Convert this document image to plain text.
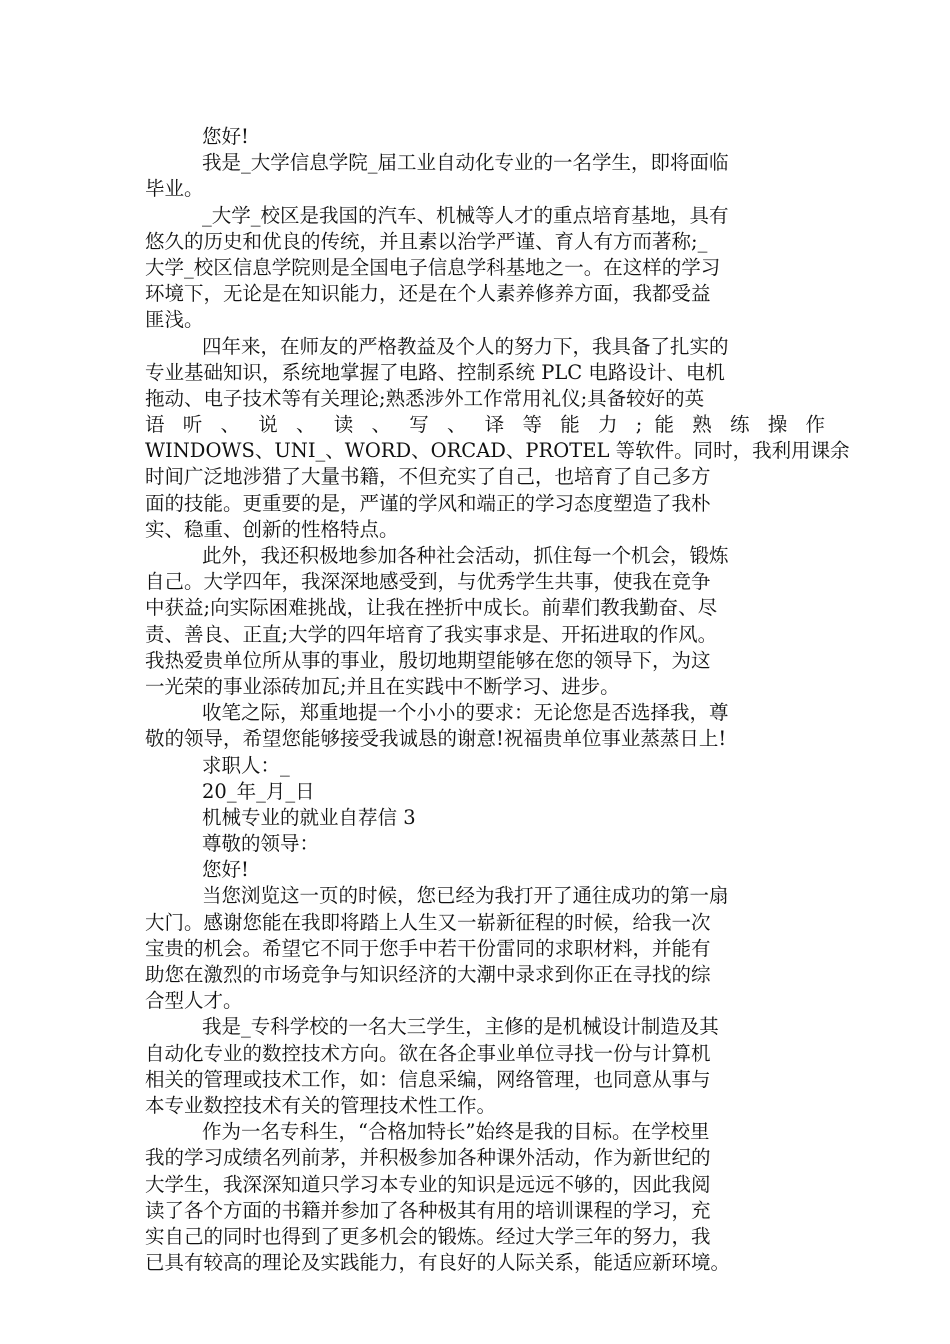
您好!
我是_大学信息学院_届工业自动化专业的一名学生，即将面临
毕业。
_大学_校区是我国的汽车、机械等人才的重点培育基地，具有
悠久的历史和优良的传统，并且素以治学严谨、育人有方而著称;_
大学_校区信息学院则是全国电子信息学科基地之一。在这样的学习
环境下，无论是在知识能力，还是在个人素养修养方面，我都受益
匪浅。
四年来，在师友的严格教益及个人的努力下，我具备了扎实的
专业基础知识，系统地掌握了电路、控制系统 PLC 电路设计、电机
拖动、电子技术等有关理论;熟悉涉外工作常用礼仪;具备较好的英
语 听 、 说 、 读 、 写 、 译 等 能 力 ; 能 熟 练 操 作
WINDOWS、UNI_、WORD、ORCAD、PROTEL 等软件。同时，我利用课余
时间广泛地涉猎了大量书籍，不但充实了自己，也培育了自己多方
面的技能。更重要的是，严谨的学风和端正的学习态度塑造了我朴
实、稳重、创新的性格特点。
此外，我还积极地参加各种社会活动，抓住每一个机会，锻炼
自己。大学四年，我深深地感受到，与优秀学生共事，使我在竞争
中获益;向实际困难挑战，让我在挫折中成长。前辈们教我勤奋、尽
责、善良、正直;大学的四年培育了我实事求是、开拓进取的作风。
我热爱贵单位所从事的事业，殷切地期望能够在您的领导下，为这
一光荣的事业添砖加瓦;并且在实践中不断学习、进步。
收笔之际，郑重地提一个小小的要求：无论您是否选择我，尊
敬的领导，希望您能够接受我诚恳的谢意!祝福贵单位事业蒸蒸日上!
求职人：_
20_年_月_日
机械专业的就业自荐信 3
尊敬的领导：
您好!
当您浏览这一页的时候，您已经为我打开了通往成功的第一扇
大门。感谢您能在我即将踏上人生又一崭新征程的时候，给我一次
宝贵的机会。希望它不同于您手中若干份雷同的求职材料，并能有
助您在激烈的市场竞争与知识经济的大潮中录求到你正在寻找的综
合型人才。
我是_专科学校的一名大三学生，主修的是机械设计制造及其
自动化专业的数控技术方向。欲在各企事业单位寻找一份与计算机
相关的管理或技术工作，如：信息采编，网络管理，也同意从事与
本专业数控技术有关的管理技术性工作。
作为一名专科生，“合格加特长”始终是我的目标。在学校里
我的学习成绩名列前茅，并积极参加各种课外活动，作为新世纪的
大学生，我深深知道只学习本专业的知识是远远不够的，因此我阅
读了各个方面的书籍并参加了各种极其有用的培训课程的学习，充
实自己的同时也得到了更多机会的锻炼。经过大学三年的努力，我
已具有较高的理论及实践能力，有良好的人际关系，能适应新环境。
